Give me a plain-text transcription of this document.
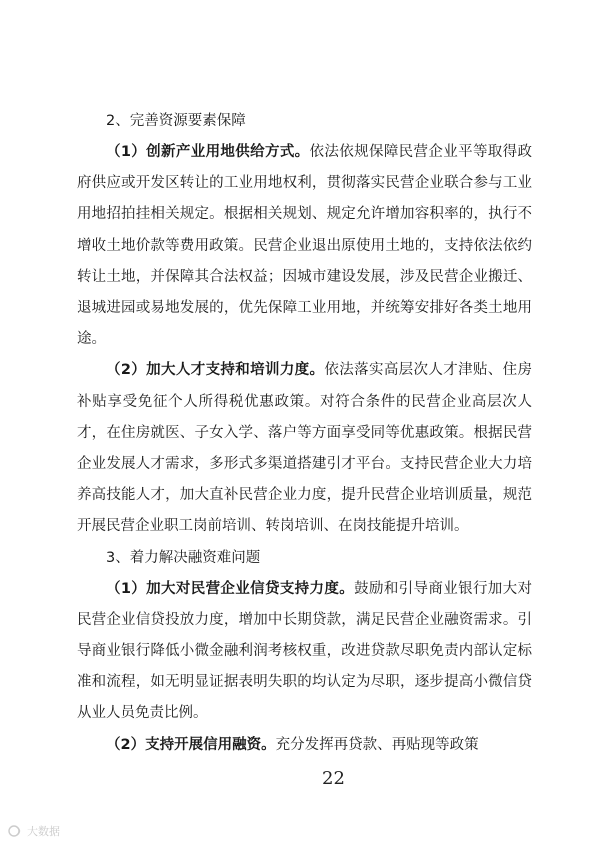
2、完善资源要素保障

（1）创新产业用地供给方式。依法依规保障民营企业平等取得政府供应或开发区转让的工业用地权利，贯彻落实民营企业联合参与工业用地招拍挂相关规定。根据相关规划、规定允许增加容积率的，执行不增收土地价款等费用政策。民营企业退出原使用土地的，支持依法依约转让土地，并保障其合法权益；因城市建设发展，涉及民营企业搬迁、退城进园或易地发展的，优先保障工业用地，并统筹安排好各类土地用途。

（2）加大人才支持和培训力度。依法落实高层次人才津贴、住房补贴享受免征个人所得税优惠政策。对符合条件的民营企业高层次人才，在住房就医、子女入学、落户等方面享受同等优惠政策。根据民营企业发展人才需求，多形式多渠道搭建引才平台。支持民营企业大力培养高技能人才，加大直补民营企业力度，提升民营企业培训质量，规范开展民营企业职工岗前培训、转岗培训、在岗技能提升培训。

3、着力解决融资难问题

（1）加大对民营企业信贷支持力度。鼓励和引导商业银行加大对民营企业信贷投放力度，增加中长期贷款，满足民营企业融资需求。引导商业银行降低小微金融利润考核权重，改进贷款尽职免责内部认定标准和流程，如无明显证据表明失职的均认定为尽职，逐步提高小微信贷从业人员免责比例。

（2）支持开展信用融资。充分发挥再贷款、再贴现等政策

22
大数据
